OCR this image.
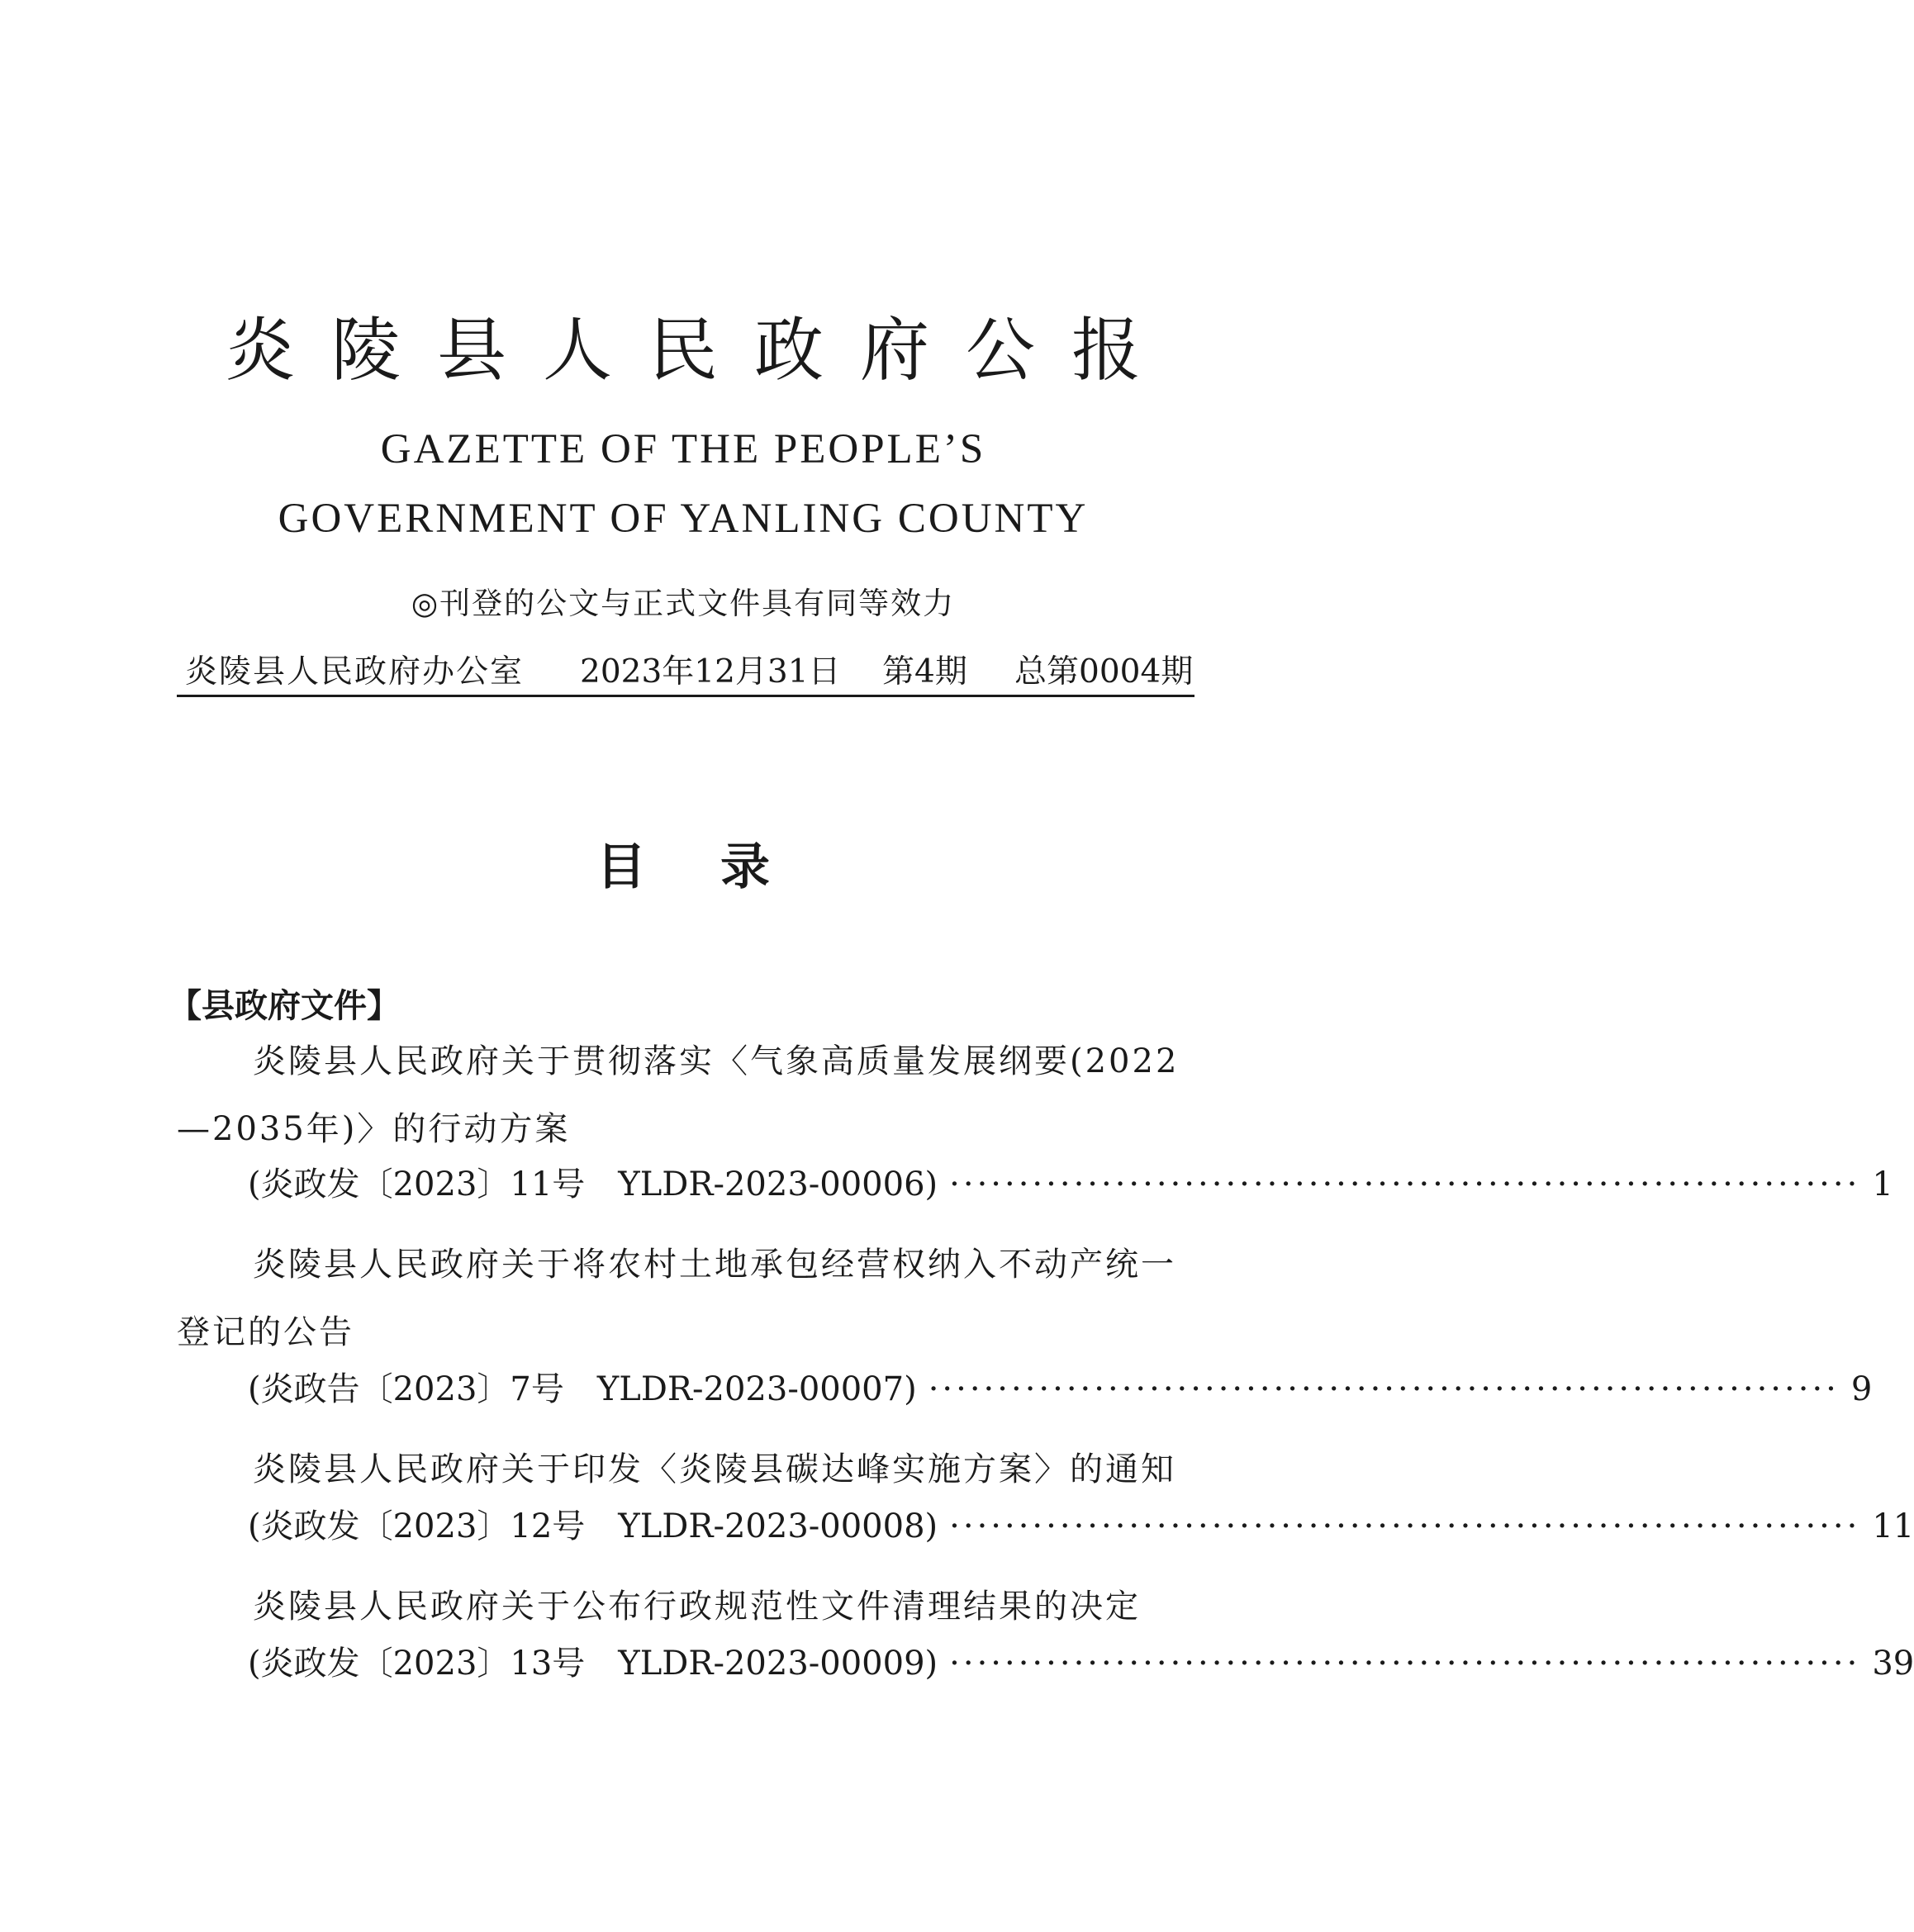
炎陵县人民政府公报
GAZETTE OF THE PEOPLE’S
GOVERNMENT OF YANLING COUNTY
◎刊登的公文与正式文件具有同等效力
炎陵县人民政府办公室 2023年12月31日 第4期 总第0004期
目录
【县政府文件】
炎陵县人民政府关于贯彻落实〈气象高质量发展纲要(2022—2035年)〉的行动方案
(炎政发〔2023〕11号　YLDR-2023-00006) ·································································· 1
炎陵县人民政府关于将农村土地承包经营权纳入不动产统一登记的公告
(炎政告〔2023〕7号　YLDR-2023-00007) ·································································· 9
炎陵县人民政府关于印发〈炎陵县碳达峰实施方案〉的通知
(炎政发〔2023〕12号　YLDR-2023-00008) ·································································· 11
炎陵县人民政府关于公布行政规范性文件清理结果的决定
(炎政发〔2023〕13号　YLDR-2023-00009) ·································································· 39
